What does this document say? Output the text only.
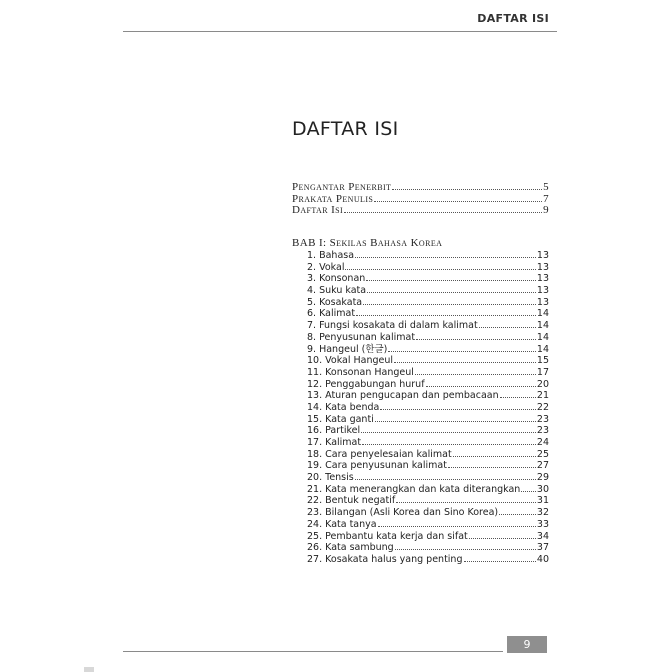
DAFTAR ISI
DAFTAR ISI
Pengantar Penerbit	5
Prakata Penulis	7
Daftar Isi	9
BAB I: Sekilas Bahasa Korea
1. Bahasa	13
2. Vokal	13
3. Konsonan	13
4. Suku kata	13
5. Kosakata	13
6. Kalimat	14
7. Fungsi kosakata di dalam kalimat	14
8. Penyusunan kalimat	14
9. Hangeul (한글)	14
10. Vokal Hangeul	15
11. Konsonan Hangeul	17
12. Penggabungan huruf	20
13. Aturan pengucapan dan pembacaan	21
14. Kata benda	22
15. Kata ganti	23
16. Partikel	23
17. Kalimat	24
18. Cara penyelesaian kalimat	25
19. Cara penyusunan kalimat	27
20. Tensis	29
21. Kata menerangkan dan kata diterangkan 30
22. Bentuk negatif	31
23. Bilangan (Asli Korea dan Sino Korea)	32
24. Kata tanya	33
25. Pembantu kata kerja dan sifat	34
26. Kata sambung	37
27. Kosakata halus yang penting	40
9
